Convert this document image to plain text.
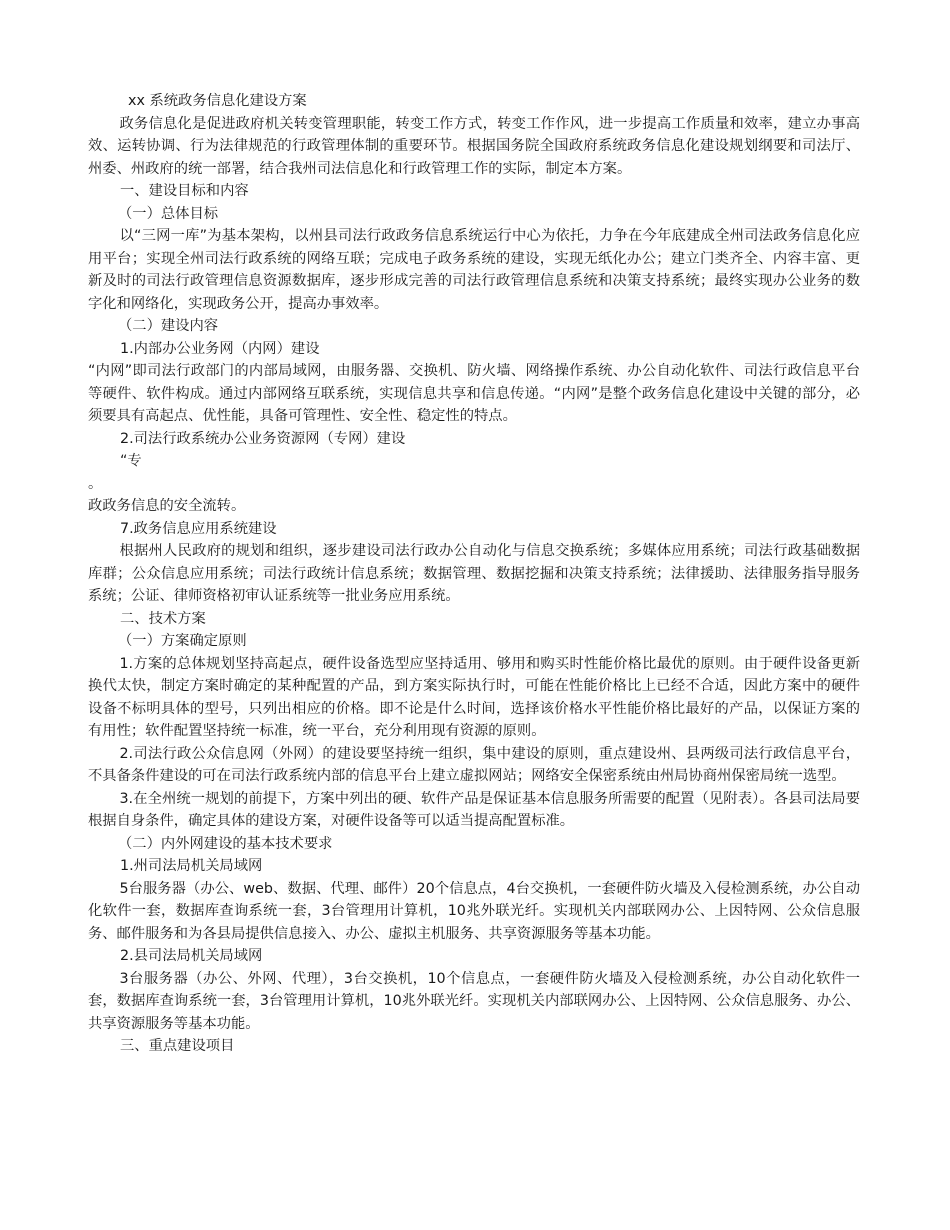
xx 系统政务信息化建设方案
政务信息化是促进政府机关转变管理职能，转变工作方式，转变工作作风，进一步提高工作质量和效率，建立办事高效、运转协调、行为法律规范的行政管理体制的重要环节。根据国务院全国政府系统政务信息化建设规划纲要和司法厅、州委、州政府的统一部署，结合我州司法信息化和行政管理工作的实际，制定本方案。
一、建设目标和内容
（一）总体目标
以“三网一库”为基本架构，以州县司法行政政务信息系统运行中心为依托，力争在今年底建成全州司法政务信息化应用平台；实现全州司法行政系统的网络互联；完成电子政务系统的建设，实现无纸化办公；建立门类齐全、内容丰富、更新及时的司法行政管理信息资源数据库，逐步形成完善的司法行政管理信息系统和决策支持系统；最终实现办公业务的数字化和网络化，实现政务公开，提高办事效率。
（二）建设内容
1.内部办公业务网（内网）建设
“内网”即司法行政部门的内部局域网，由服务器、交换机、防火墙、网络操作系统、办公自动化软件、司法行政信息平台等硬件、软件构成。通过内部网络互联系统，实现信息共享和信息传递。“内网”是整个政务信息化建设中关键的部分，必须要具有高起点、优性能，具备可管理性、安全性、稳定性的特点。
2.司法行政系统办公业务资源网（专网）建设
“专
。
政政务信息的安全流转。
7.政务信息应用系统建设
根据州人民政府的规划和组织，逐步建设司法行政办公自动化与信息交换系统；多媒体应用系统；司法行政基础数据库群；公众信息应用系统；司法行政统计信息系统；数据管理、数据挖掘和决策支持系统；法律援助、法律服务指导服务系统；公证、律师资格初审认证系统等一批业务应用系统。
二、技术方案
（一）方案确定原则
1.方案的总体规划坚持高起点，硬件设备选型应坚持适用、够用和购买时性能价格比最优的原则。由于硬件设备更新换代太快，制定方案时确定的某种配置的产品，到方案实际执行时，可能在性能价格比上已经不合适，因此方案中的硬件设备不标明具体的型号，只列出相应的价格。即不论是什么时间，选择该价格水平性能价格比最好的产品，以保证方案的有用性；软件配置坚持统一标准，统一平台，充分利用现有资源的原则。
2.司法行政公众信息网（外网）的建设要坚持统一组织，集中建设的原则，重点建设州、县两级司法行政信息平台，不具备条件建设的可在司法行政系统内部的信息平台上建立虚拟网站；网络安全保密系统由州局协商州保密局统一选型。
3.在全州统一规划的前提下，方案中列出的硬、软件产品是保证基本信息服务所需要的配置（见附表）。各县司法局要根据自身条件，确定具体的建设方案，对硬件设备等可以适当提高配置标准。
（二）内外网建设的基本技术要求
1.州司法局机关局域网
5台服务器（办公、web、数据、代理、邮件）20个信息点，4台交换机，一套硬件防火墙及入侵检测系统，办公自动化软件一套，数据库查询系统一套，3台管理用计算机，10兆外联光纤。实现机关内部联网办公、上因特网、公众信息服务、邮件服务和为各县局提供信息接入、办公、虚拟主机服务、共享资源服务等基本功能。
2.县司法局机关局域网
3台服务器（办公、外网、代理），3台交换机，10个信息点，一套硬件防火墙及入侵检测系统，办公自动化软件一套，数据库查询系统一套，3台管理用计算机，10兆外联光纤。实现机关内部联网办公、上因特网、公众信息服务、办公、共享资源服务等基本功能。
三、重点建设项目
